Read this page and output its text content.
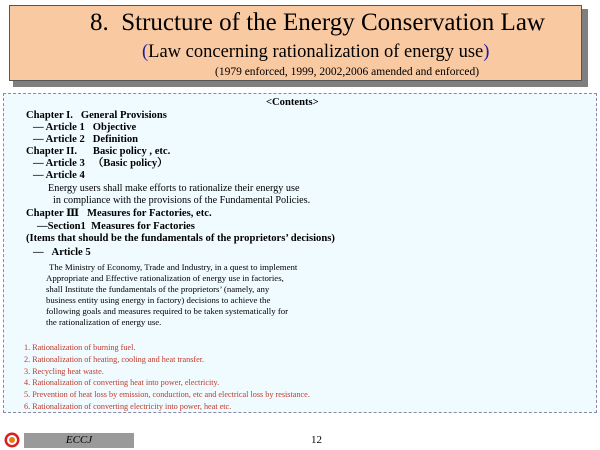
8.  Structure of the Energy Conservation Law
(Law concerning rationalization of energy use)
(1979 enforced, 1999, 2002,2006 amended and enforced)
<Contents>
Chapter I.   General Provisions
— Article 1   Objective
— Article 2   Definition
Chapter II.      Basic policy , etc.
— Article 3   （Basic policy）
— Article 4
Energy users shall make efforts to rationalize their energy use
in compliance with the provisions of the Fundamental Policies.
Chapter Ⅲ   Measures for Factories, etc.
—Section1  Measures for Factories
(Items that should be the fundamentals of the proprietors’ decisions)
—   Article 5
The Ministry of Economy, Trade and Industry, in a quest to implement
Appropriate and Effective rationalization of energy use in factories,
shall Institute the fundamentals of the proprietors’ (namely, any
business entity using energy in factory) decisions to achieve the
following goals and measures required to be taken systematically for
the rationalization of energy use.
1. Rationalization of burning fuel.
2. Rationalization of heating, cooling and heat transfer.
3. Recycling heat waste.
4. Rationalization of converting heat into power, electricity.
5. Prevention of heat loss by emission, conduction, etc and electrical loss by resistance.
6. Rationalization of converting electricity into power, heat etc.
ECCJ	12
